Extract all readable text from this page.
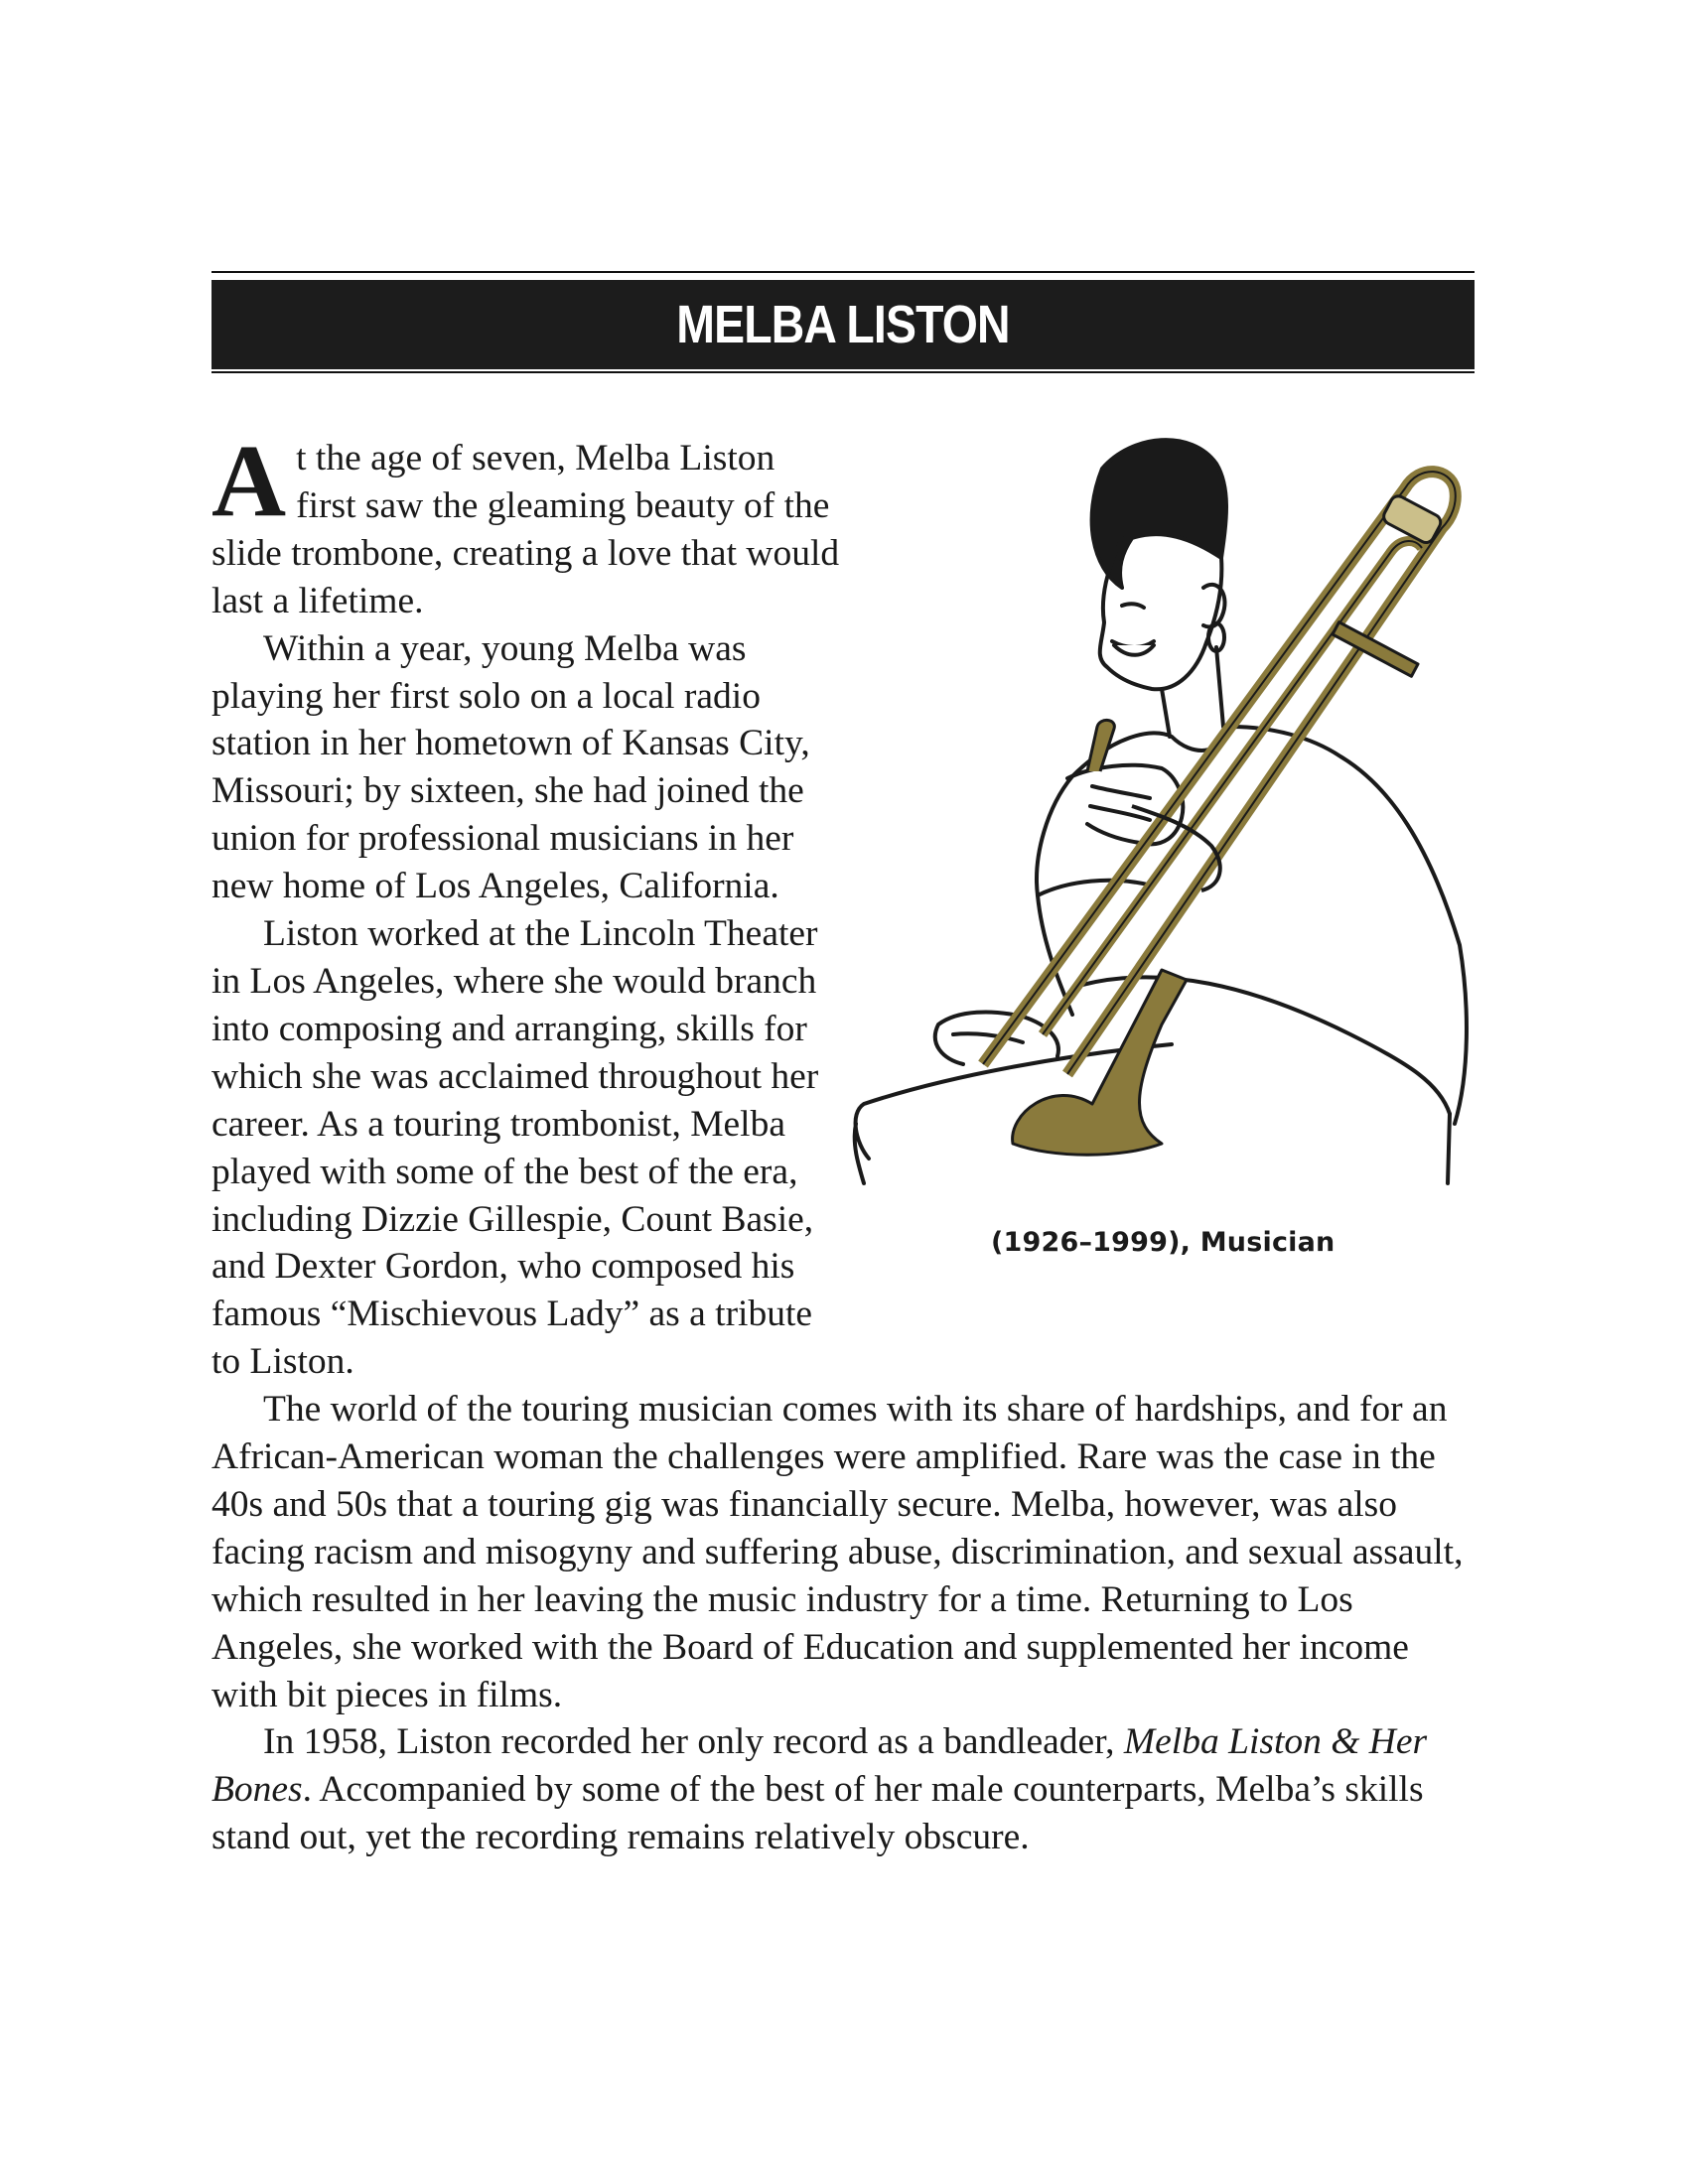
MELBA LISTON

At the age of seven, Melba Liston first saw the gleaming beauty of the slide trombone, creating a love that would last a lifetime.

Within a year, young Melba was playing her first solo on a local radio station in her hometown of Kansas City, Missouri; by sixteen, she had joined the union for professional musicians in her new home of Los Angeles, California.

Liston worked at the Lincoln Theater in Los Angeles, where she would branch into composing and arranging, skills for which she was acclaimed throughout her career. As a touring trombonist, Melba played with some of the best of the era, including Dizzie Gillespie, Count Basie, and Dexter Gordon, who composed his famous “Mischievous Lady” as a tribute to Liston.

The world of the touring musician comes with its share of hardships, and for an African-American woman the challenges were amplified. Rare was the case in the 40s and 50s that a touring gig was financially secure. Melba, however, was also facing racism and misogyny and suffering abuse, discrimination, and sexual assault, which resulted in her leaving the music industry for a time. Returning to Los Angeles, she worked with the Board of Education and supplemented her income with bit pieces in films.

In 1958, Liston recorded her only record as a bandleader, Melba Liston & Her Bones. Accompanied by some of the best of her male counterparts, Melba’s skills stand out, yet the recording remains relatively obscure.

(1926–1999), Musician
